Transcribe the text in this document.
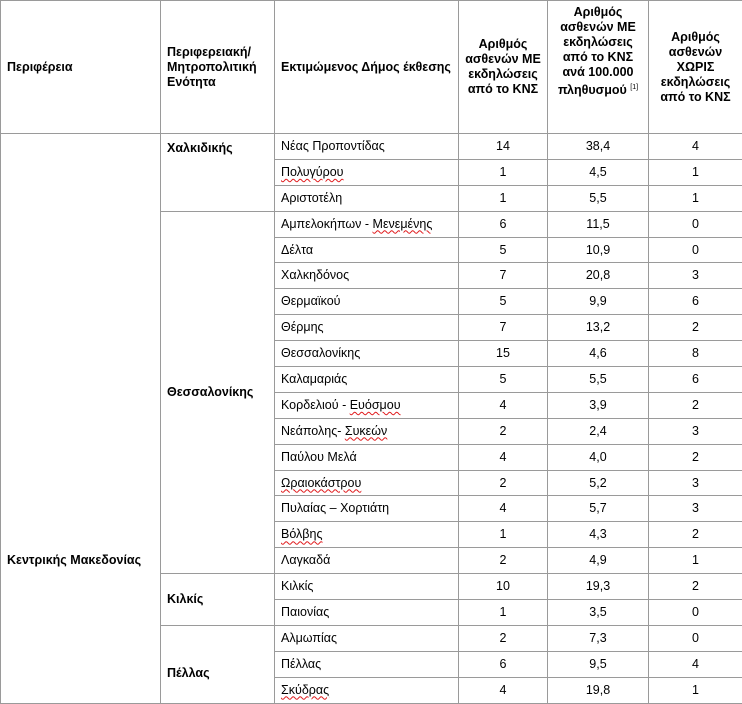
Περιφέρεια	Περιφερειακή/ Μητροπολιτική Ενότητα	Εκτιμώμενος Δήμος έκθεσης	Αριθμός ασθενών ΜΕ εκδηλώσεις από το ΚΝΣ	Αριθμός ασθενών ΜΕ εκδηλώσεις από το ΚΝΣ ανά 100.000 πληθυσμού [1]	Αριθμός ασθενών ΧΩΡΙΣ εκδηλώσεις από το ΚΝΣ
Κεντρικής Μακεδονίας	Χαλκιδικής	Νέας Προποντίδας	14	38,4	4
		Πολυγύρου	1	4,5	1
		Αριστοτέλη	1	5,5	1
	Θεσσαλονίκης	Αμπελοκήπων - Μενεμένης	6	11,5	0
		Δέλτα	5	10,9	0
		Χαλκηδόνος	7	20,8	3
		Θερμαϊκού	5	9,9	6
		Θέρμης	7	13,2	2
		Θεσσαλονίκης	15	4,6	8
		Καλαμαριάς	5	5,5	6
		Κορδελιού - Ευόσμου	4	3,9	2
		Νεάπολης- Συκεών	2	2,4	3
		Παύλου Μελά	4	4,0	2
		Ωραιοκάστρου	2	5,2	3
		Πυλαίας – Χορτιάτη	4	5,7	3
		Βόλβης	1	4,3	2
		Λαγκαδά	2	4,9	1
	Κιλκίς	Κιλκίς	10	19,3	2
		Παιονίας	1	3,5	0
	Πέλλας	Αλμωπίας	2	7,3	0
		Πέλλας	6	9,5	4
		Σκύδρας	4	19,8	1
